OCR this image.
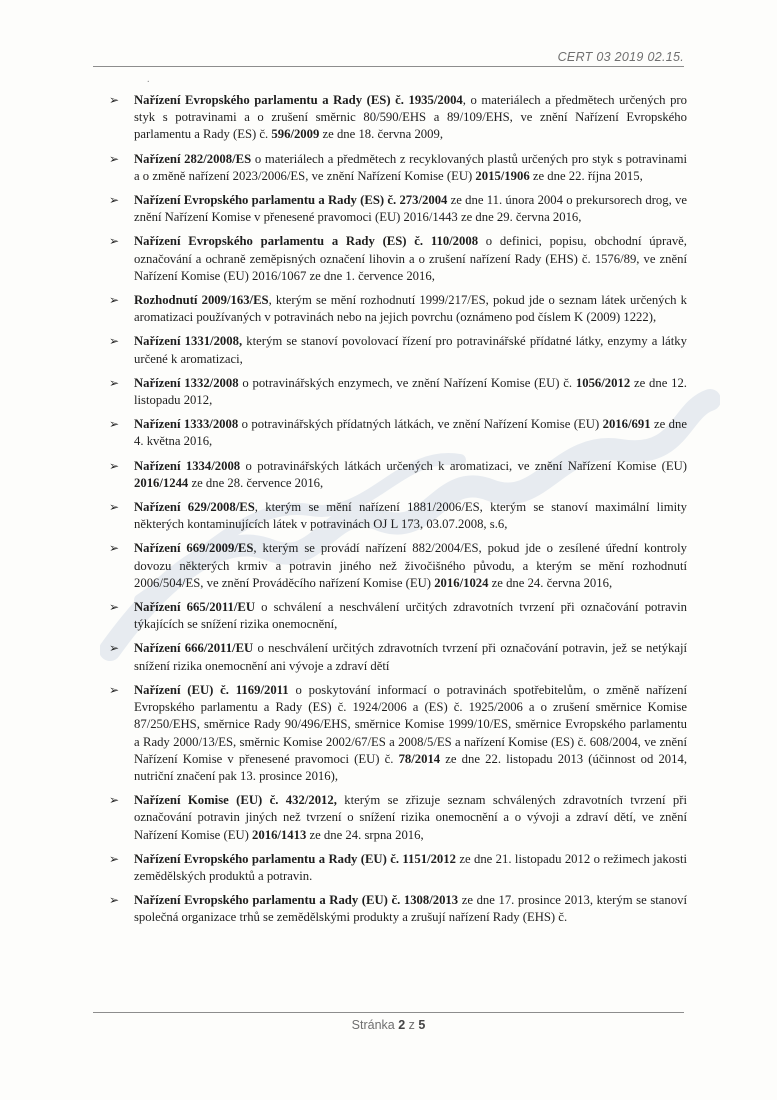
CERT 03 2019 02.15.
.
➢ Nařízení Evropského parlamentu a Rady (ES) č. 1935/2004, o materiálech a předmětech určených pro styk s potravinami a o zrušení směrnic 80/590/EHS a 89/109/EHS, ve znění Nařízení Evropského parlamentu a Rady (ES) č. 596/2009 ze dne 18. června 2009,
➢ Nařízení 282/2008/ES o materiálech a předmětech z recyklovaných plastů určených pro styk s potravinami a o změně nařízení 2023/2006/ES, ve znění Nařízení Komise (EU) 2015/1906 ze dne 22. října 2015,
➢ Nařízení Evropského parlamentu a Rady (ES) č. 273/2004 ze dne 11. února 2004 o prekursorech drog, ve znění Nařízení Komise v přenesené pravomoci (EU) 2016/1443 ze dne 29. června 2016,
➢ Nařízení Evropského parlamentu a Rady (ES) č. 110/2008 o definici, popisu, obchodní úpravě, označování a ochraně zeměpisných označení lihovin a o zrušení nařízení Rady (EHS) č. 1576/89, ve znění Nařízení Komise (EU) 2016/1067 ze dne 1. července 2016,
➢ Rozhodnutí 2009/163/ES, kterým se mění rozhodnutí 1999/217/ES, pokud jde o seznam látek určených k aromatizaci používaných v potravinách nebo na jejich povrchu (oznámeno pod číslem K (2009) 1222),
➢ Nařízení 1331/2008, kterým se stanoví povolovací řízení pro potravinářské přídatné látky, enzymy a látky určené k aromatizaci,
➢ Nařízení 1332/2008 o potravinářských enzymech, ve znění Nařízení Komise (EU) č. 1056/2012 ze dne 12. listopadu 2012,
➢ Nařízení 1333/2008 o potravinářských přídatných látkách, ve znění Nařízení Komise (EU) 2016/691 ze dne 4. května 2016,
➢ Nařízení 1334/2008 o potravinářských látkách určených k aromatizaci, ve znění Nařízení Komise (EU) 2016/1244 ze dne 28. července 2016,
➢ Nařízení 629/2008/ES, kterým se mění nařízení 1881/2006/ES, kterým se stanoví maximální limity některých kontaminujících látek v potravinách OJ L 173, 03.07.2008, s.6,
➢ Nařízení 669/2009/ES, kterým se provádí nařízení 882/2004/ES, pokud jde o zesílené úřední kontroly dovozu některých krmiv a potravin jiného než živočišného původu, a kterým se mění rozhodnutí 2006/504/ES, ve znění Prováděcího nařízení Komise (EU) 2016/1024 ze dne 24. června 2016,
➢ Nařízení 665/2011/EU o schválení a neschválení určitých zdravotních tvrzení při označování potravin týkajících se snížení rizika onemocnění,
➢ Nařízení 666/2011/EU o neschválení určitých zdravotních tvrzení při označování potravin, jež se netýkají snížení rizika onemocnění ani vývoje a zdraví dětí
➢ Nařízení (EU) č. 1169/2011 o poskytování informací o potravinách spotřebitelům, o změně nařízení Evropského parlamentu a Rady (ES) č. 1924/2006 a (ES) č. 1925/2006 a o zrušení směrnice Komise 87/250/EHS, směrnice Rady 90/496/EHS, směrnice Komise 1999/10/ES, směrnice Evropského parlamentu a Rady 2000/13/ES, směrnic Komise 2002/67/ES a 2008/5/ES a nařízení Komise (ES) č. 608/2004, ve znění Nařízení Komise v přenesené pravomoci (EU) č. 78/2014 ze dne 22. listopadu 2013 (účinnost od 2014, nutriční značení pak 13. prosince 2016),
➢ Nařízení Komise (EU) č. 432/2012, kterým se zřizuje seznam schválených zdravotních tvrzení při označování potravin jiných než tvrzení o snížení rizika onemocnění a o vývoji a zdraví dětí, ve znění Nařízení Komise (EU) 2016/1413 ze dne 24. srpna 2016,
➢ Nařízení Evropského parlamentu a Rady (EU) č. 1151/2012 ze dne 21. listopadu 2012 o režimech jakosti zemědělských produktů a potravin.
➢ Nařízení Evropského parlamentu a Rady (EU) č. 1308/2013 ze dne 17. prosince 2013, kterým se stanoví společná organizace trhů se zemědělskými produkty a zrušují nařízení Rady (EHS) č.
Stránka 2 z 5
